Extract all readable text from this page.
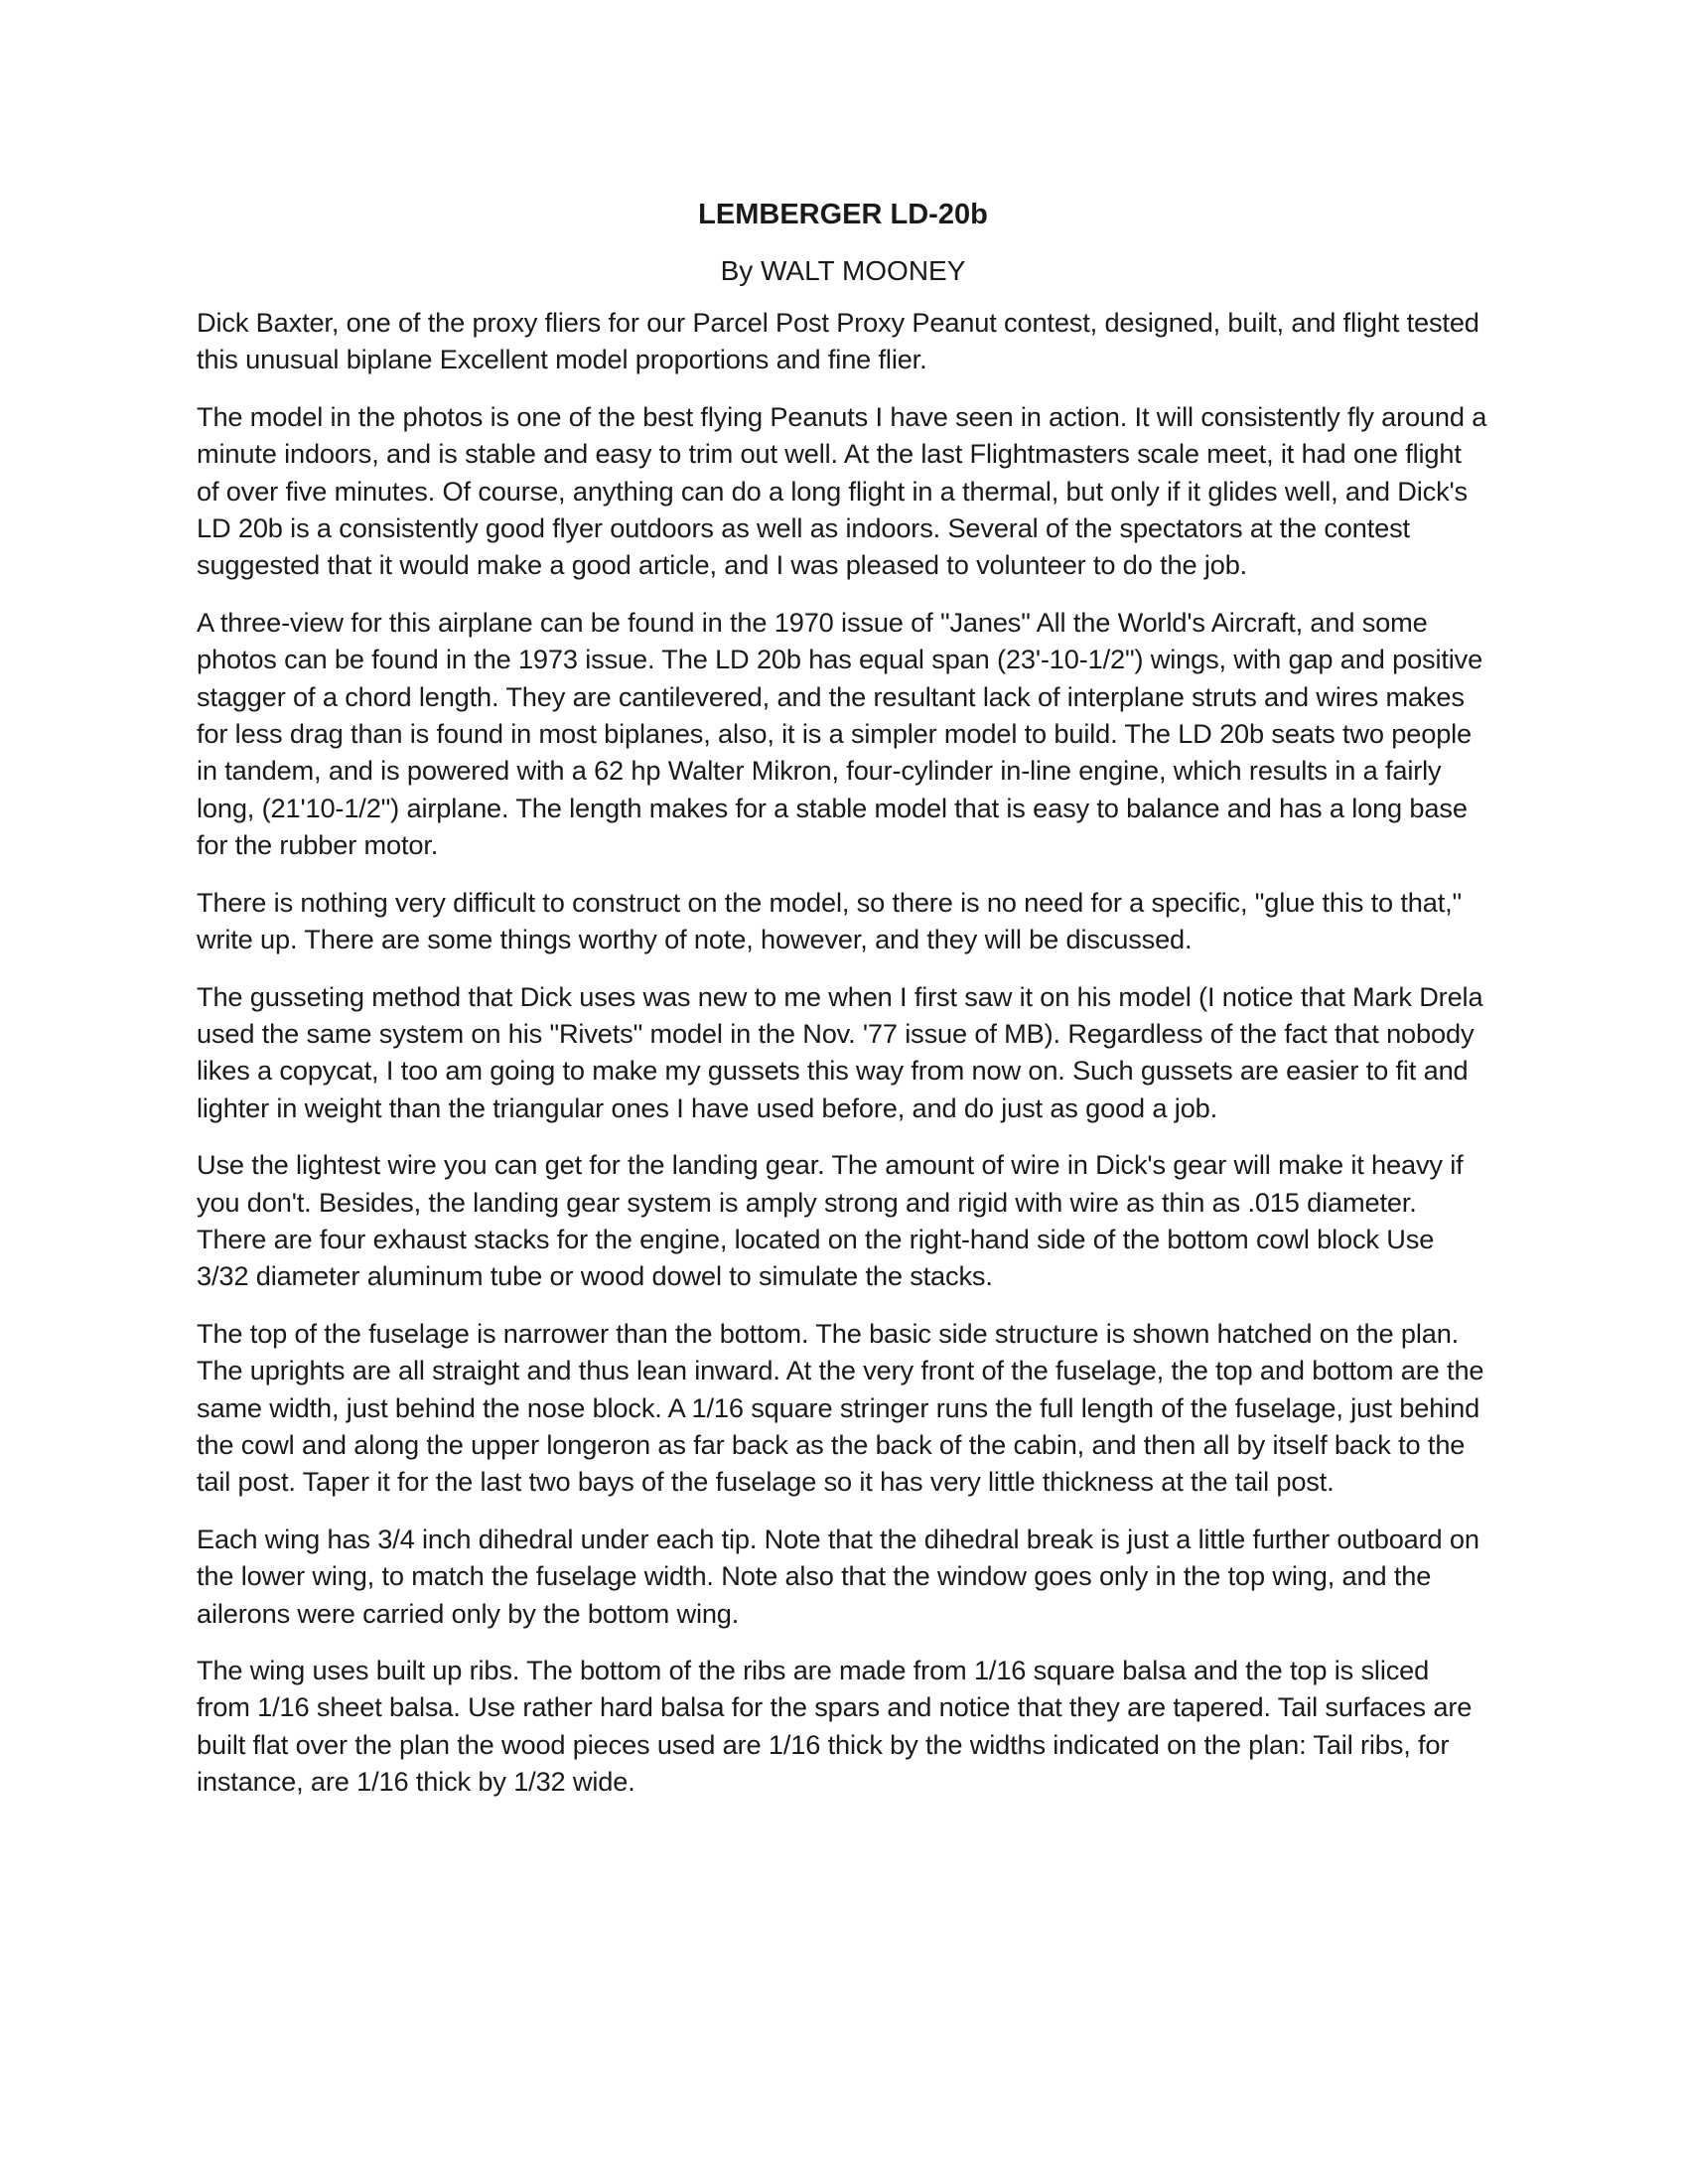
LEMBERGER LD-20b
By WALT MOONEY

Dick Baxter, one of the proxy fliers for our Parcel Post Proxy Peanut contest, designed, built, and flight tested this unusual biplane Excellent model proportions and fine flier.

The model in the photos is one of the best flying Peanuts I have seen in action. It will consistently fly around a minute indoors, and is stable and easy to trim out well. At the last Flightmasters scale meet, it had one flight of over five minutes. Of course, anything can do a long flight in a thermal, but only if it glides well, and Dick's LD 20b is a consistently good flyer outdoors as well as indoors. Several of the spectators at the contest suggested that it would make a good article, and I was pleased to volunteer to do the job.

A three-view for this airplane can be found in the 1970 issue of "Janes" All the World's Aircraft, and some photos can be found in the 1973 issue. The LD 20b has equal span (23'-10-1/2") wings, with gap and positive stagger of a chord length. They are cantilevered, and the resultant lack of interplane struts and wires makes for less drag than is found in most biplanes, also, it is a simpler model to build. The LD 20b seats two people in tandem, and is powered with a 62 hp Walter Mikron, four-cylinder in-line engine, which results in a fairly long, (21'10-1/2") airplane. The length makes for a stable model that is easy to balance and has a long base for the rubber motor.

There is nothing very difficult to construct on the model, so there is no need for a specific, "glue this to that," write up. There are some things worthy of note, however, and they will be discussed.

The gusseting method that Dick uses was new to me when I first saw it on his model (I notice that Mark Drela used the same system on his "Rivets" model in the Nov. '77 issue of MB). Regardless of the fact that nobody likes a copycat, I too am going to make my gussets this way from now on. Such gussets are easier to fit and lighter in weight than the triangular ones I have used before, and do just as good a job.

Use the lightest wire you can get for the landing gear. The amount of wire in Dick's gear will make it heavy if you don't. Besides, the landing gear system is amply strong and rigid with wire as thin as .015 diameter. There are four exhaust stacks for the engine, located on the right-hand side of the bottom cowl block Use 3/32 diameter aluminum tube or wood dowel to simulate the stacks.

The top of the fuselage is narrower than the bottom. The basic side structure is shown hatched on the plan. The uprights are all straight and thus lean inward. At the very front of the fuselage, the top and bottom are the same width, just behind the nose block. A 1/16 square stringer runs the full length of the fuselage, just behind the cowl and along the upper longeron as far back as the back of the cabin, and then all by itself back to the tail post. Taper it for the last two bays of the fuselage so it has very little thickness at the tail post.

Each wing has 3/4 inch dihedral under each tip. Note that the dihedral break is just a little further outboard on the lower wing, to match the fuselage width. Note also that the window goes only in the top wing, and the ailerons were carried only by the bottom wing.

The wing uses built up ribs. The bottom of the ribs are made from 1/16 square balsa and the top is sliced from 1/16 sheet balsa. Use rather hard balsa for the spars and notice that they are tapered. Tail surfaces are built flat over the plan the wood pieces used are 1/16 thick by the widths indicated on the plan: Tail ribs, for instance, are 1/16 thick by 1/32 wide.
